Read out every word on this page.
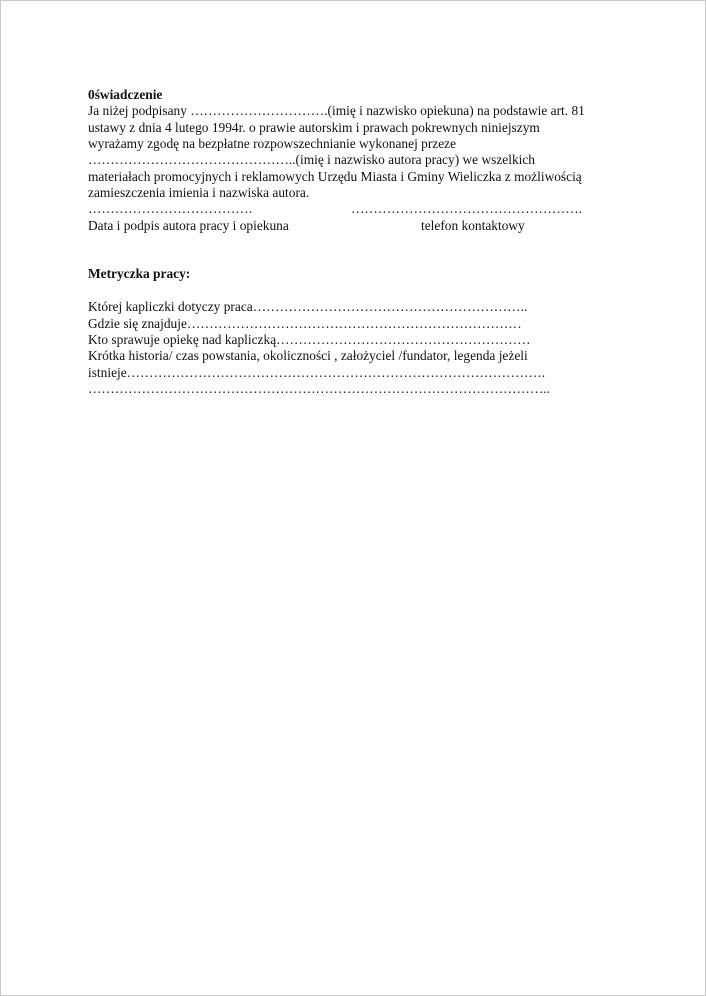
0świadczenie
Ja niżej podpisany ………………………….(imię i nazwisko opiekuna) na podstawie art. 81
ustawy z dnia 4 lutego 1994r. o prawie autorskim i prawach pokrewnych niniejszym
wyrażamy zgodę na bezpłatne rozpowszechnianie wykonanej przeze
………………………………………..(imię i nazwisko autora pracy) we wszelkich
materiałach promocyjnych i reklamowych Urzędu Miasta i Gminy Wieliczka z możliwością
zamieszczenia imienia i nazwiska autora.
……………………………….	…………………………………………….
Data i podpis autora pracy i opiekuna	telefon kontaktowy
Metryczka pracy:
Której kapliczki dotyczy praca……………………………………………………..
Gdzie się znajduje…………………………………………………………………
Kto sprawuje opiekę nad kapliczką…………………………………………………
Krótka historia/ czas powstania, okoliczności , założyciel /fundator, legenda jeżeli
istnieje………………………………………………………………………………….
…………………………………………………………………………………………..
